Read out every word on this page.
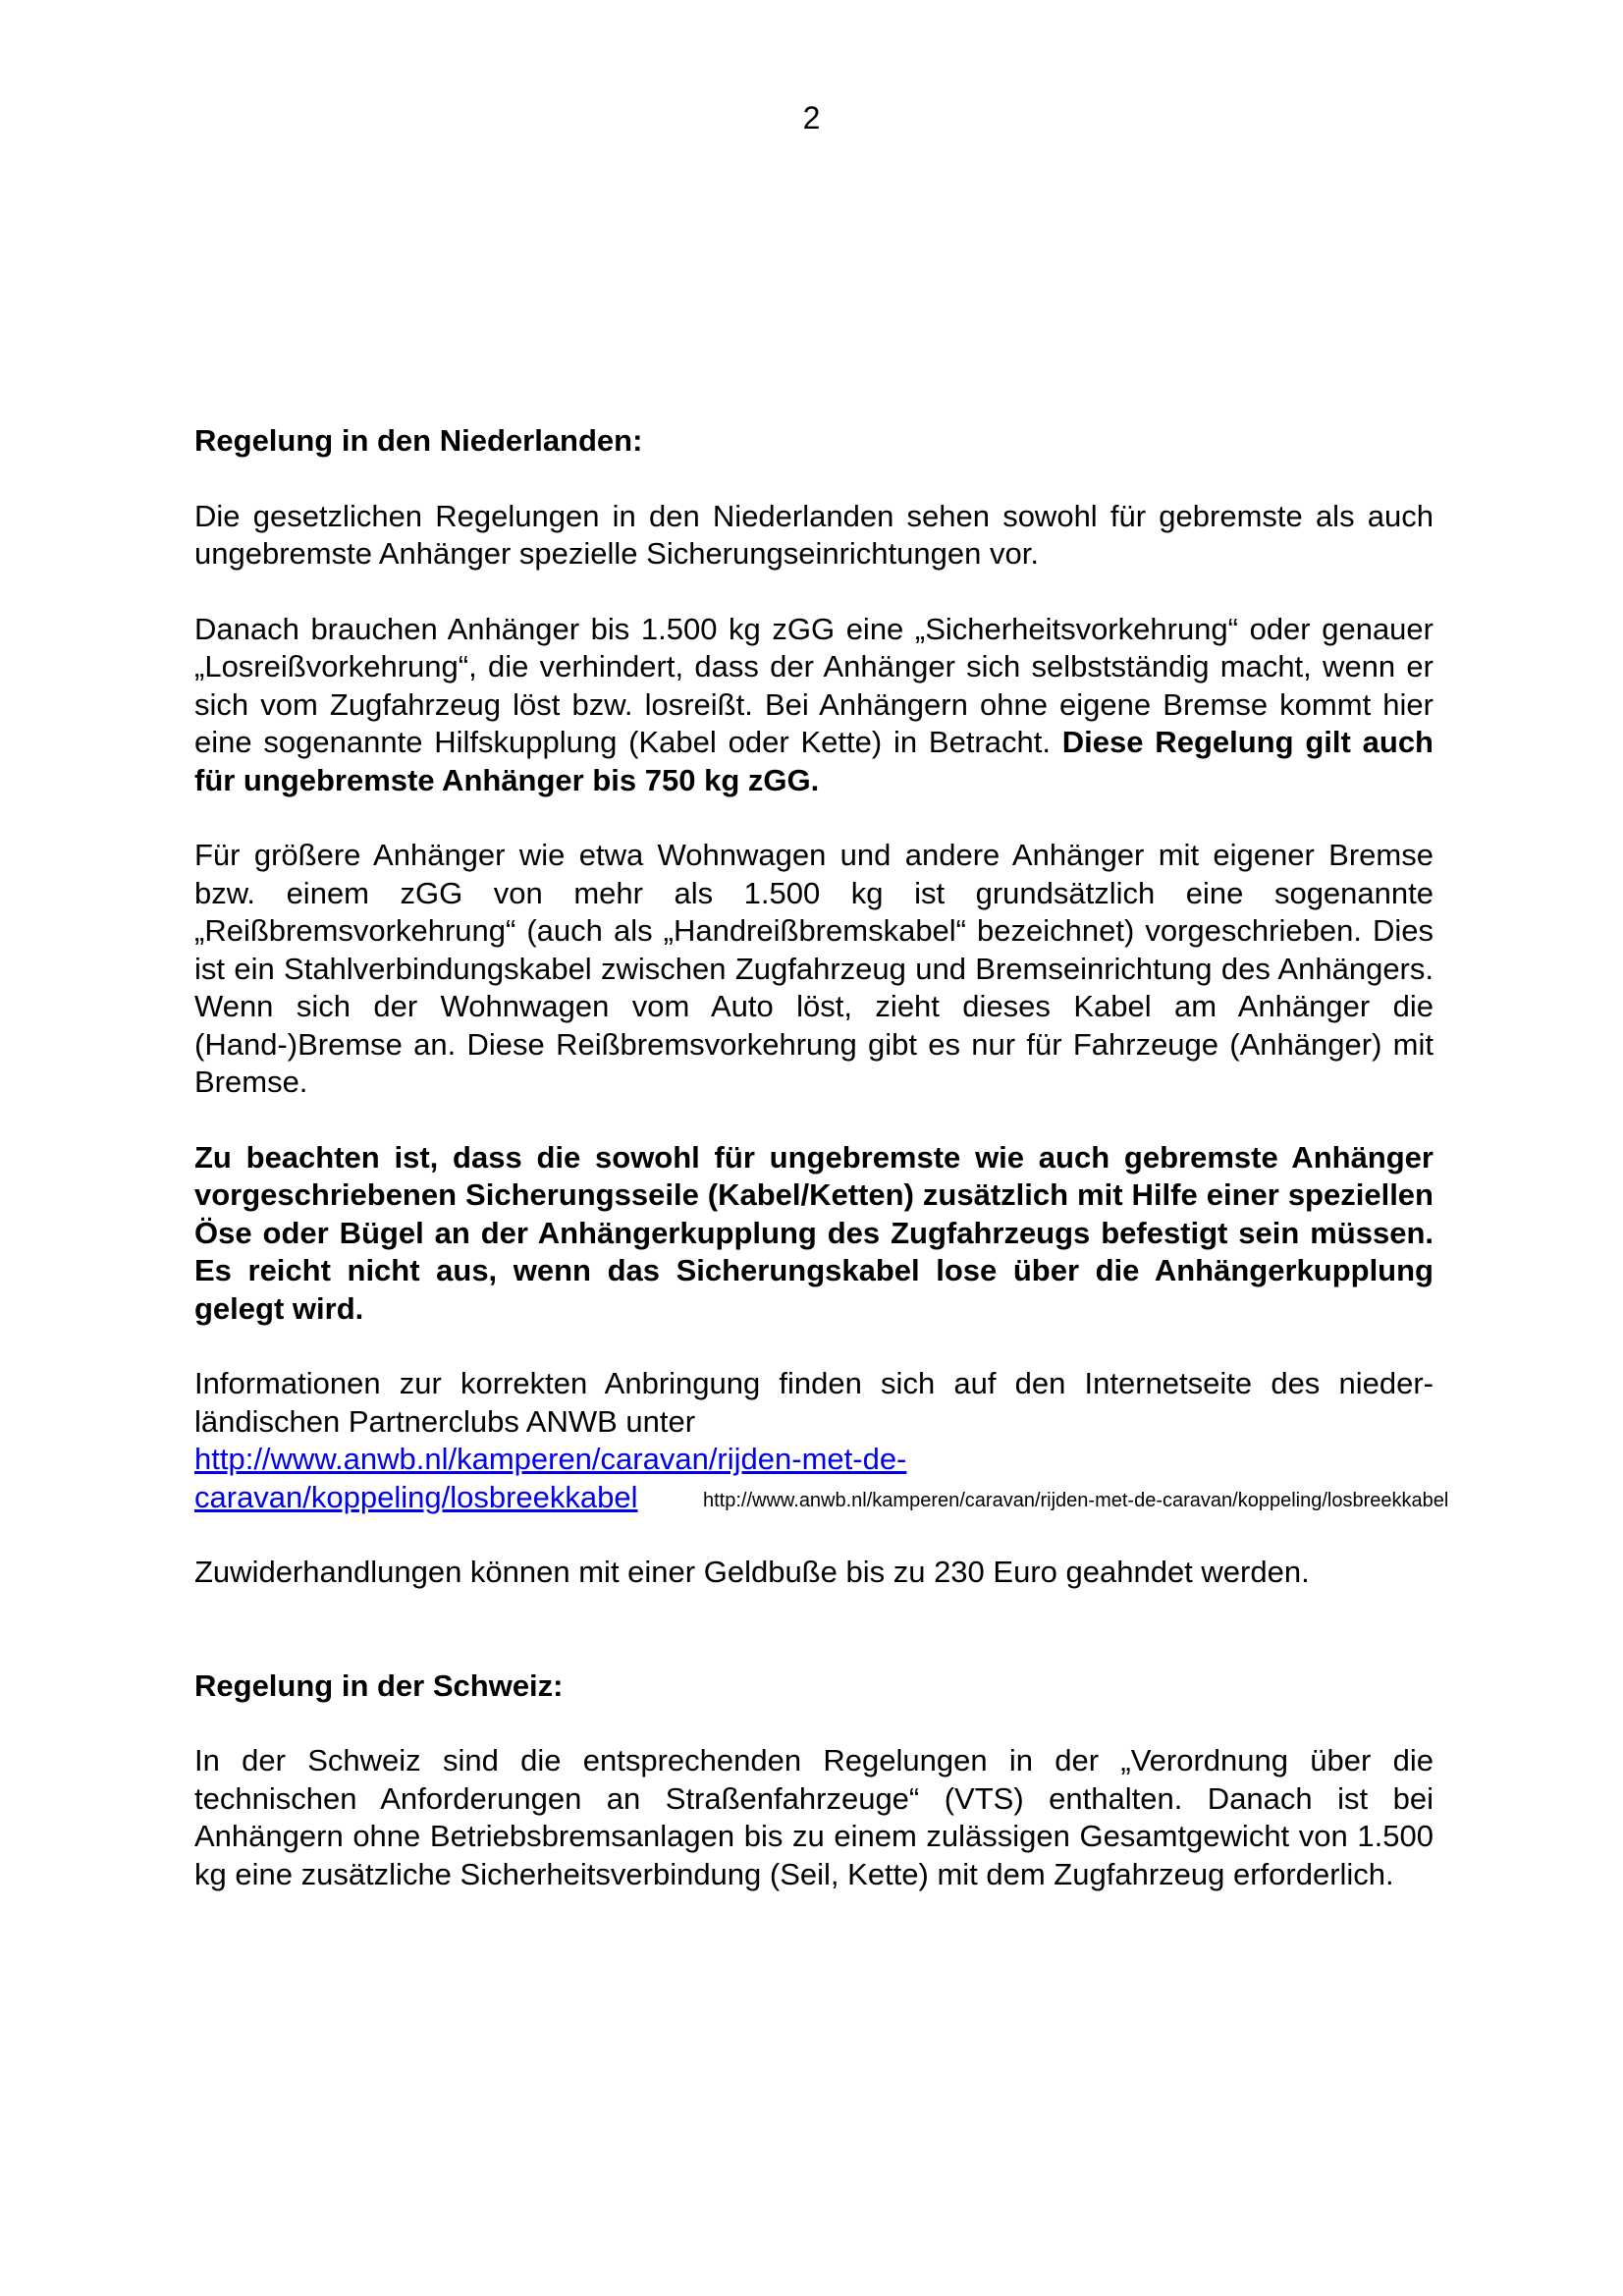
2

Regelung in den Niederlanden:

Die gesetzlichen Regelungen in den Niederlanden sehen sowohl für gebremste als auch ungebremste Anhänger spezielle Sicherungseinrichtungen vor.

Danach brauchen Anhänger bis 1.500 kg zGG eine „Sicherheitsvorkehrung“ oder genauer „Losreißvorkehrung“, die verhindert, dass der Anhänger sich selbstständig macht, wenn er sich vom Zugfahrzeug löst bzw. losreißt. Bei Anhängern ohne eigene Bremse kommt hier eine sogenannte Hilfskupplung (Kabel oder Kette) in Betracht. Diese Regelung gilt auch für ungebremste Anhänger bis 750 kg zGG.

Für größere Anhänger wie etwa Wohnwagen und andere Anhänger mit eigener Bremse bzw. einem zGG von mehr als 1.500 kg ist grundsätzlich eine sogenannte „Reißbremsvorkehrung“ (auch als „Handreißbremskabel“ bezeichnet) vorgeschrieben. Dies ist ein Stahlverbindungskabel zwischen Zugfahrzeug und Bremseinrichtung des Anhängers. Wenn sich der Wohnwagen vom Auto löst, zieht dieses Kabel am Anhänger die (Hand-)Bremse an. Diese Reißbremsvorkehrung gibt es nur für Fahrzeuge (Anhänger) mit Bremse.

Zu beachten ist, dass die sowohl für ungebremste wie auch gebremste Anhänger vorgeschriebenen Sicherungsseile (Kabel/Ketten) zusätzlich mit Hilfe einer speziellen Öse oder Bügel an der Anhängerkupplung des Zugfahrzeugs befestigt sein müssen. Es reicht nicht aus, wenn das Sicherungskabel lose über die Anhängerkupplung gelegt wird.

Informationen zur korrekten Anbringung finden sich auf den Internetseite des niederländischen Partnerclubs ANWB unter

http://www.anwb.nl/kamperen/caravan/rijden-met-de-
caravan/koppeling/losbreekkabel	http://www.anwb.nl/kamperen/caravan/rijden-met-de-caravan/koppeling/losbreekkabel

Zuwiderhandlungen können mit einer Geldbuße bis zu 230 Euro geahndet werden.

Regelung in der Schweiz:

In der Schweiz sind die entsprechenden Regelungen in der „Verordnung über die technischen Anforderungen an Straßenfahrzeuge“ (VTS) enthalten. Danach ist bei Anhängern ohne Betriebsbremsanlagen bis zu einem zulässigen Gesamtgewicht von 1.500 kg eine zusätzliche Sicherheitsverbindung (Seil, Kette) mit dem Zugfahrzeug erforderlich.
